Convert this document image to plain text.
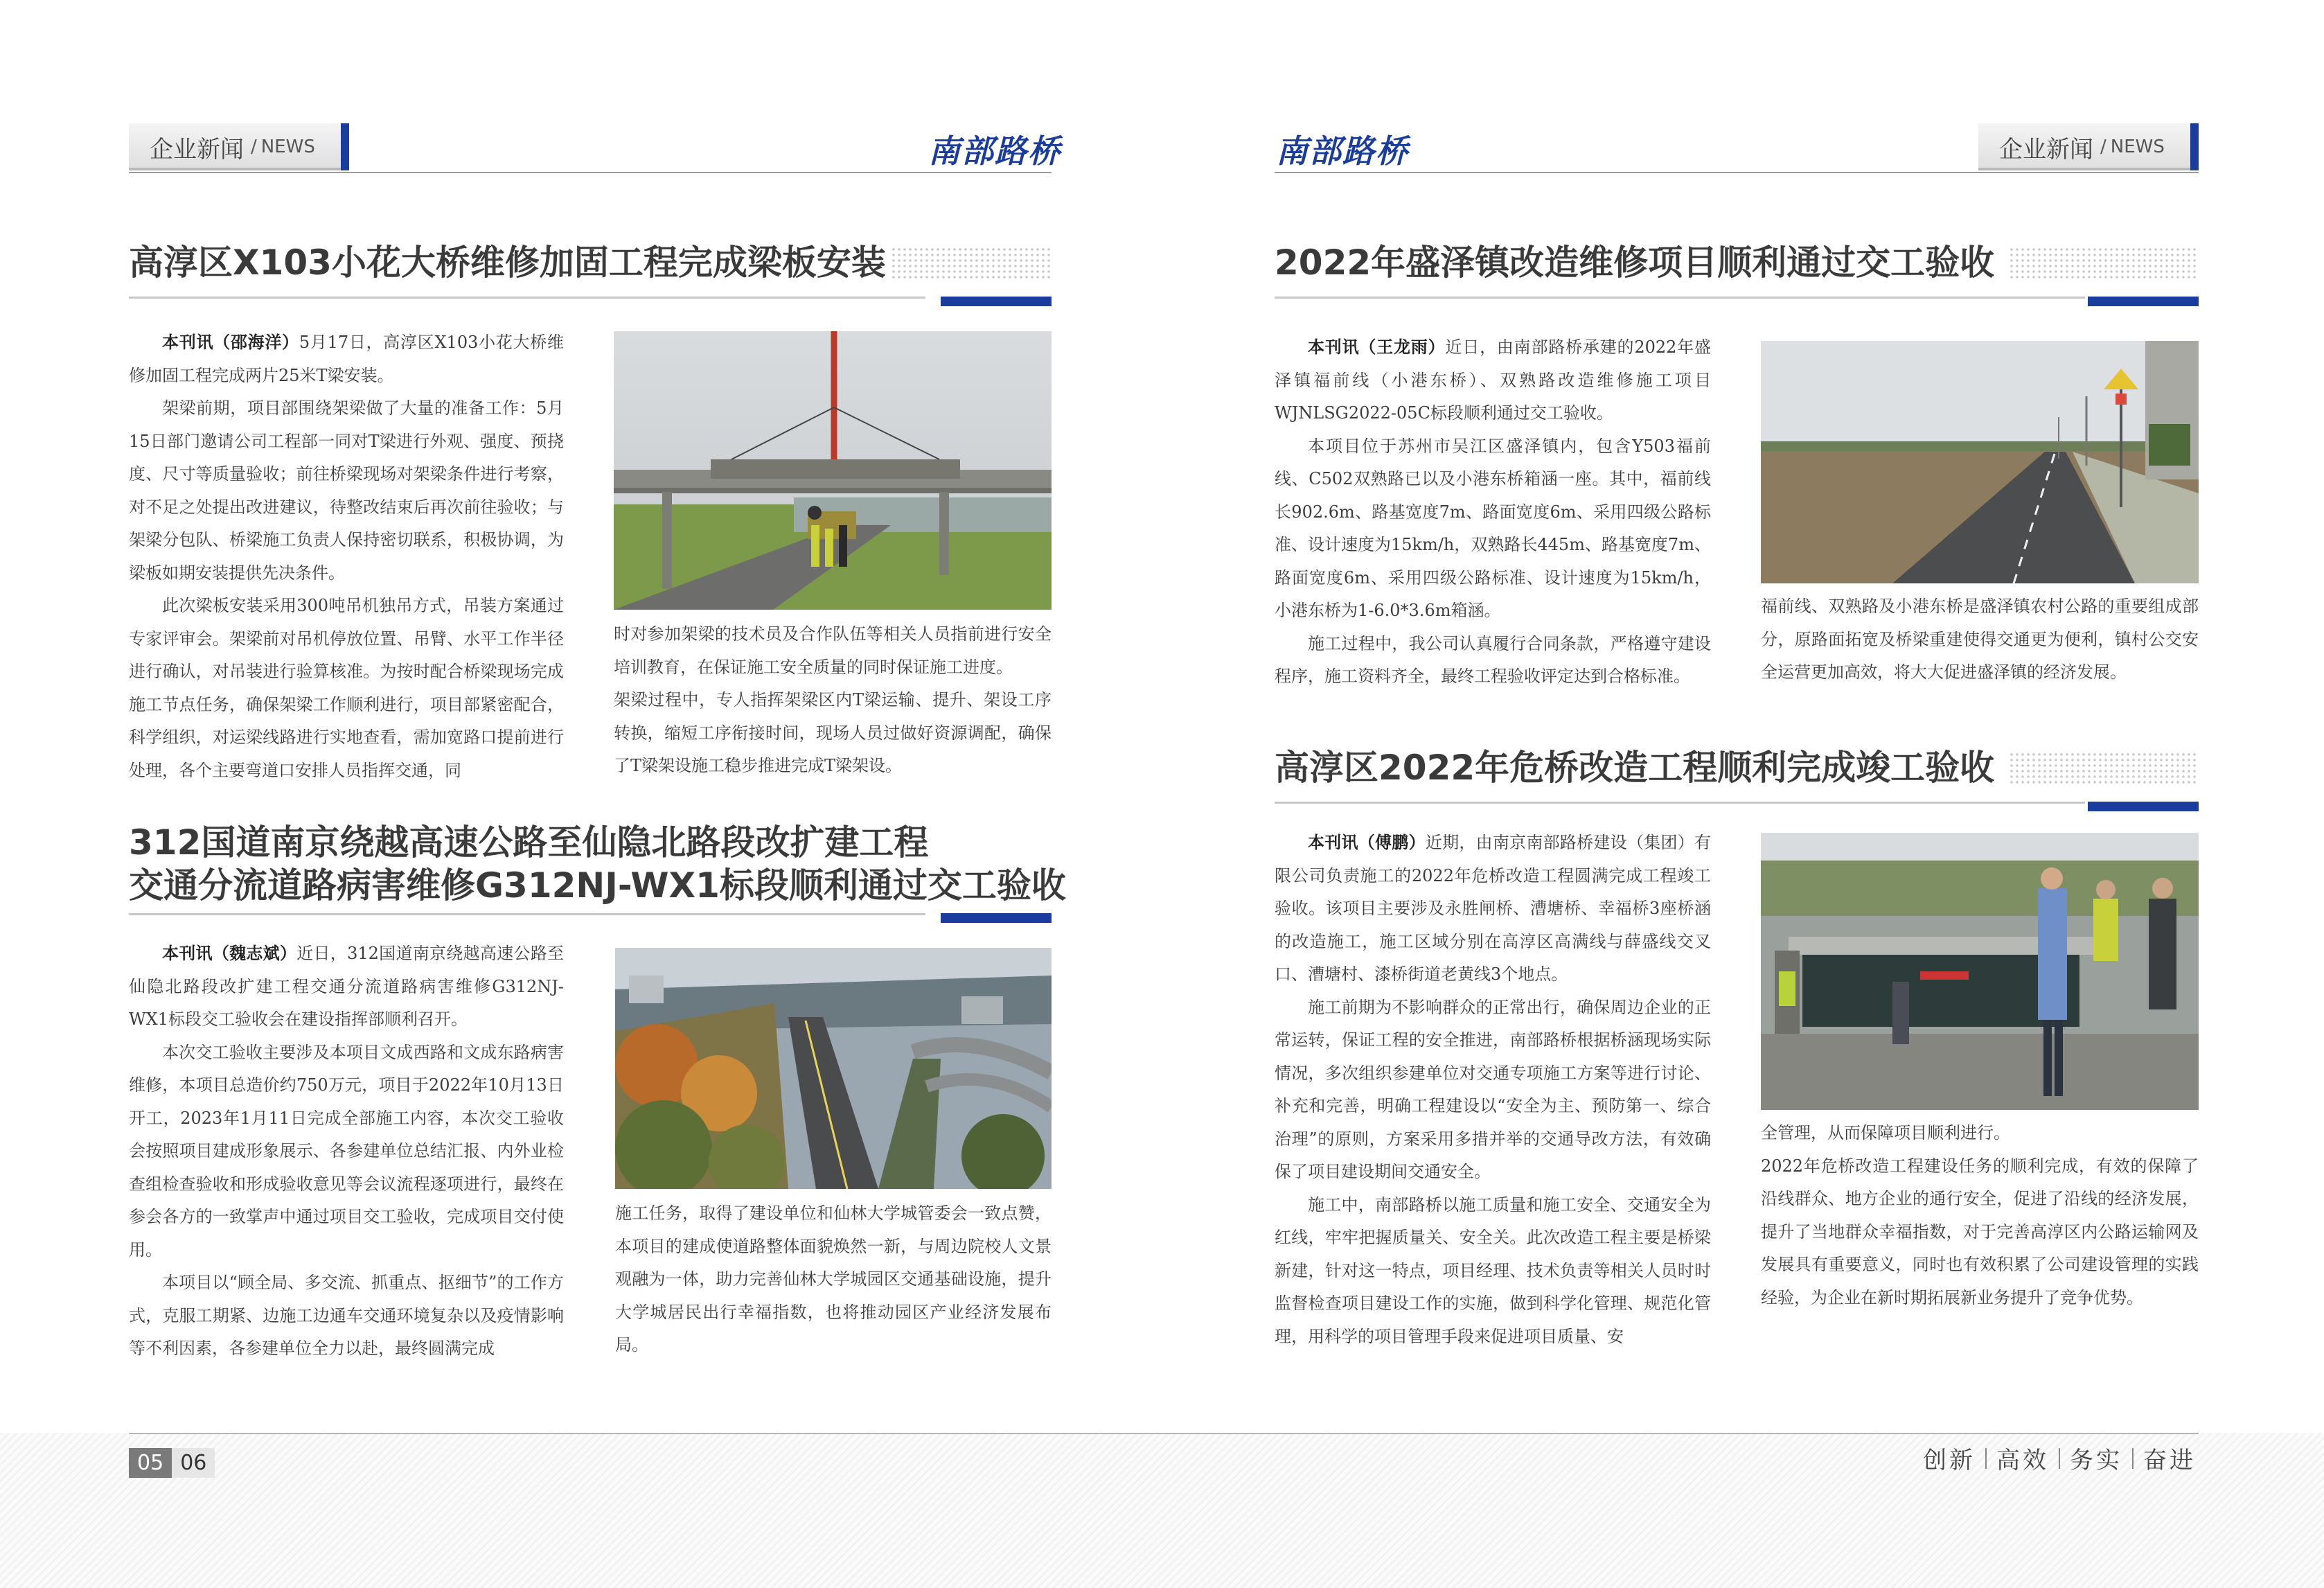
企业新闻 / NEWS	南部路桥
高淳区X103小花大桥维修加固工程完成梁板安装

本刊讯（邵海洋）5月17日，高淳区X103小花大桥维修加固工程完成两片25米T梁安装。

架梁前期，项目部围绕架梁做了大量的准备工作：5月15日部门邀请公司工程部一同对T梁进行外观、强度、预挠度、尺寸等质量验收；前往桥梁现场对架梁条件进行考察，对不足之处提出改进建议，待整改结束后再次前往验收；与架梁分包队、桥梁施工负责人保持密切联系，积极协调，为梁板如期安装提供先决条件。

此次梁板安装采用300吨吊机独吊方式，吊装方案通过专家评审会。架梁前对吊机停放位置、吊臂、水平工作半径进行确认，对吊装进行验算核准。为按时配合桥梁现场完成施工节点任务，确保架梁工作顺利进行，项目部紧密配合，科学组织，对运梁线路进行实地查看，需加宽路口提前进行处理，各个主要弯道口安排人员指挥交通，同

时对参加架梁的技术员及合作队伍等相关人员指前进行安全培训教育，在保证施工安全质量的同时保证施工进度。

架梁过程中，专人指挥架梁区内T梁运输、提升、架设工序转换，缩短工序衔接时间，现场人员过做好资源调配，确保了T梁架设施工稳步推进完成T梁架设。

312国道南京绕越高速公路至仙隐北路段改扩建工程
交通分流道路病害维修G312NJ-WX1标段顺利通过交工验收

本刊讯（魏志斌）近日，312国道南京绕越高速公路至仙隐北路段改扩建工程交通分流道路病害维修G312NJ-WX1标段交工验收会在建设指挥部顺利召开。

本次交工验收主要涉及本项目文成西路和文成东路病害维修，本项目总造价约750万元，项目于2022年10月13日开工，2023年1月11日完成全部施工内容，本次交工验收会按照项目建成形象展示、各参建单位总结汇报、内外业检查组检查验收和形成验收意见等会议流程逐项进行，最终在参会各方的一致掌声中通过项目交工验收，完成项目交付使用。

本项目以“顾全局、多交流、抓重点、抠细节”的工作方式，克服工期紧、边施工边通车交通环境复杂以及疫情影响等不利因素，各参建单位全力以赴，最终圆满完成

施工任务，取得了建设单位和仙林大学城管委会一致点赞，本项目的建成使道路整体面貌焕然一新，与周边院校人文景观融为一体，助力完善仙林大学城园区交通基础设施，提升大学城居民出行幸福指数，也将推动园区产业经济发展布局。

南部路桥	企业新闻 / NEWS
2022年盛泽镇改造维修项目顺利通过交工验收

本刊讯（王龙雨）近日，由南部路桥承建的2022年盛泽镇福前线（小港东桥）、双熟路改造维修施工项目WJNLSG2022-05C标段顺利通过交工验收。

本项目位于苏州市吴江区盛泽镇内，包含Y503福前线、C502双熟路已以及小港东桥箱涵一座。其中，福前线长902.6m、路基宽度7m、路面宽度6m、采用四级公路标准、设计速度为15km/h，双熟路长445m、路基宽度7m、路面宽度6m、采用四级公路标准、设计速度为15km/h，小港东桥为1-6.0*3.6m箱涵。

施工过程中，我公司认真履行合同条款，严格遵守建设程序，施工资料齐全，最终工程验收评定达到合格标准。

福前线、双熟路及小港东桥是盛泽镇农村公路的重要组成部分，原路面拓宽及桥梁重建使得交通更为便利，镇村公交安全运营更加高效，将大大促进盛泽镇的经济发展。

高淳区2022年危桥改造工程顺利完成竣工验收

本刊讯（傅鹏）近期，由南京南部路桥建设（集团）有限公司负责施工的2022年危桥改造工程圆满完成工程竣工验收。该项目主要涉及永胜闸桥、漕塘桥、幸福桥3座桥涵的改造施工，施工区域分别在高淳区高满线与薛盛线交叉口、漕塘村、漆桥街道老黄线3个地点。

施工前期为不影响群众的正常出行，确保周边企业的正常运转，保证工程的安全推进，南部路桥根据桥涵现场实际情况，多次组织参建单位对交通专项施工方案等进行讨论、补充和完善，明确工程建设以“安全为主、预防第一、综合治理”的原则，方案采用多措并举的交通导改方法，有效确保了项目建设期间交通安全。

施工中，南部路桥以施工质量和施工安全、交通安全为红线，牢牢把握质量关、安全关。此次改造工程主要是桥梁新建，针对这一特点，项目经理、技术负责等相关人员时时监督检查项目建设工作的实施，做到科学化管理、规范化管理，用科学的项目管理手段来促进项目质量、安

全管理，从而保障项目顺利进行。

2022年危桥改造工程建设任务的顺利完成，有效的保障了沿线群众、地方企业的通行安全，促进了沿线的经济发展，提升了当地群众幸福指数，对于完善高淳区内公路运输网及发展具有重要意义，同时也有效积累了公司建设管理的实践经验，为企业在新时期拓展新业务提升了竞争优势。

05 06	创新 高效 务实 奋进
